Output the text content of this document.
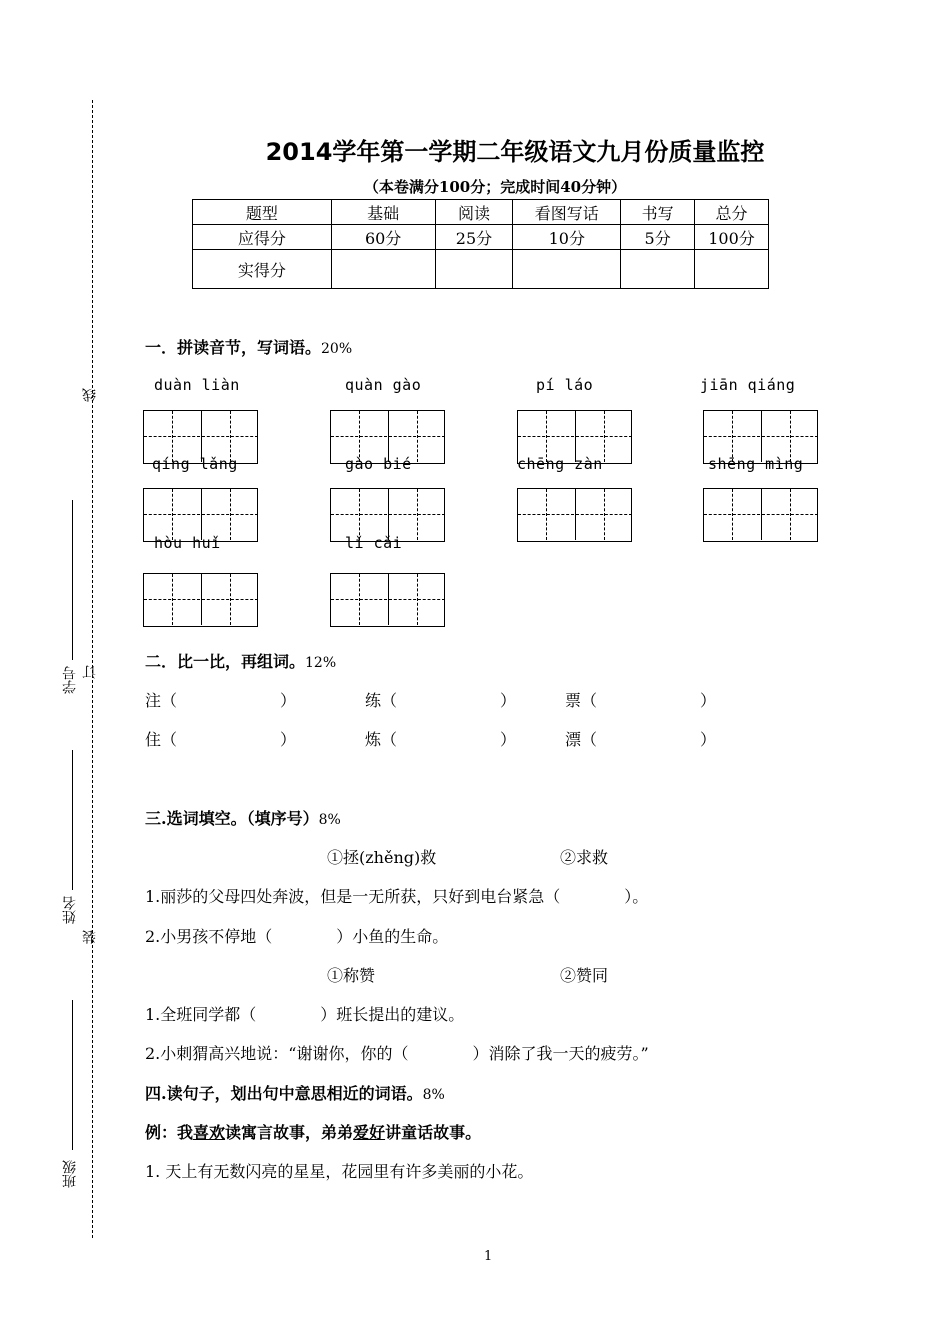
线
订
装
学号
姓名
班级
2014学年第一学期二年级语文九月份质量监控
（本卷满分100分；完成时间40分钟）
题型	基础	阅读	看图写话	书写	总分
应得分	60分	25分	10分	5分	100分
实得分					
一．拼读音节，写词语。20%
duàn liàn	quàn gào	pí láo	jiān qiáng
qíng lǎng	gào bié	chēng zàn	shēng mìng
hòu huǐ	lǐ cǎi
二．比一比，再组词。12%
注（	）	练（	）	票（	）
住（	）	炼（	）	漂（	）
三.选词填空。（填序号）8%
①拯(zhěng)救	②求救
1.丽莎的父母四处奔波，但是一无所获，只好到电台紧急（　　　　）。
2.小男孩不停地（　　　　）小鱼的生命。
①称赞	②赞同
1.全班同学都（　　　　）班长提出的建议。
2.小刺猬高兴地说：“谢谢你，你的（　　　　）消除了我一天的疲劳。”
四.读句子，划出句中意思相近的词语。8%
例：我喜欢读寓言故事，弟弟爱好讲童话故事。
1. 天上有无数闪亮的星星，花园里有许多美丽的小花。
1
